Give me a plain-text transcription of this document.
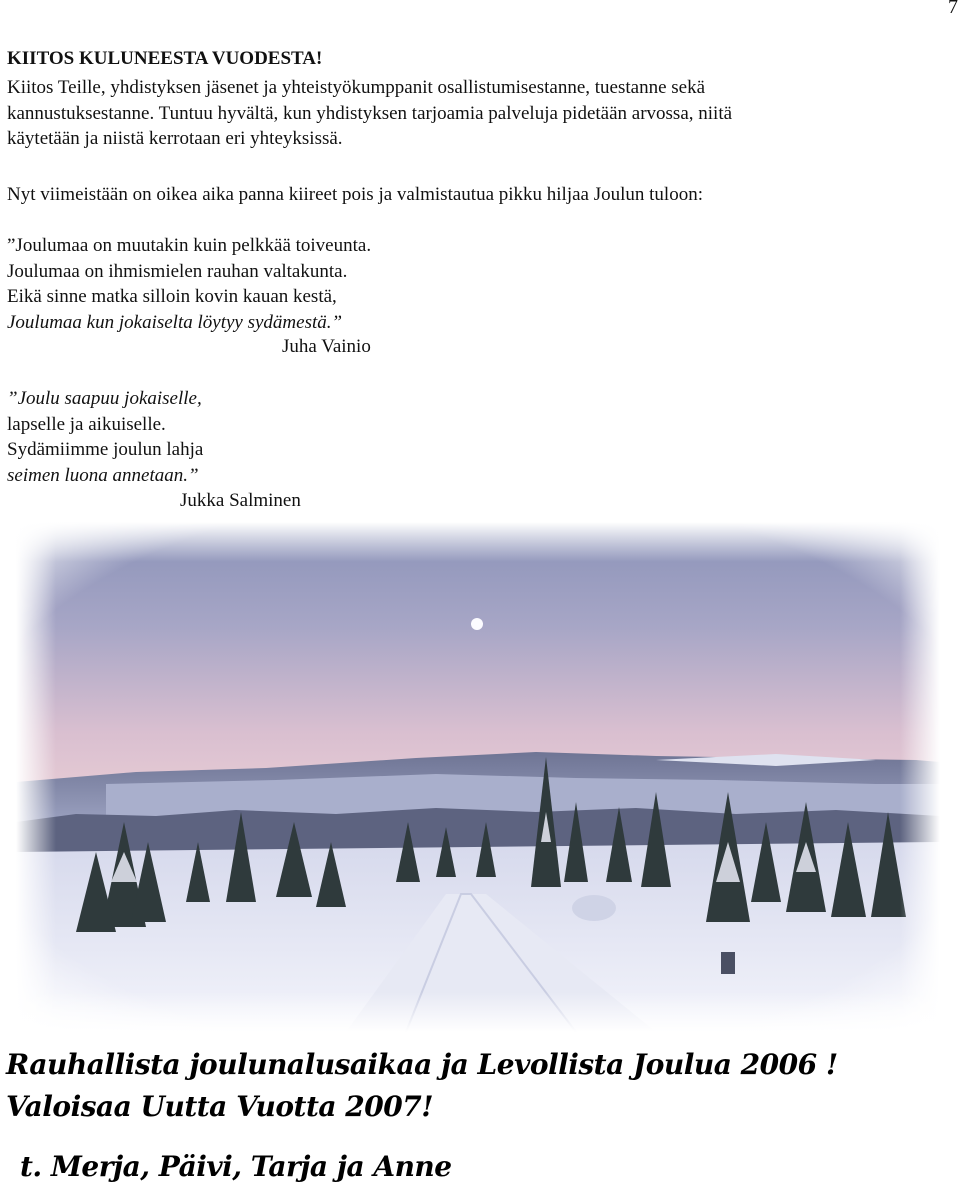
7
KIITOS KULUNEESTA VUODESTA!
Kiitos Teille, yhdistyksen jäsenet ja yhteistyökumppanit osallistumisestanne, tuestanne sekä
kannustuksestanne. Tuntuu hyvältä, kun yhdistyksen tarjoamia palveluja pidetään arvossa, niitä
käytetään ja niistä kerrotaan eri yhteyksissä.
Nyt viimeistään on oikea aika panna kiireet pois ja valmistautua pikku hiljaa Joulun tuloon:
”Joulumaa on muutakin kuin pelkkää toiveunta.
Joulumaa on ihmismielen rauhan valtakunta.
Eikä sinne matka silloin kovin kauan kestä,
Joulumaa kun jokaiselta löytyy sydämestä.”
Juha Vainio
”Joulu saapuu jokaiselle,
lapselle ja aikuiselle.
Sydämiimme joulun lahja
seimen luona annetaan.”
Jukka Salminen
Rauhallista joulunalusaikaa ja Levollista Joulua 2006 !
Valoisaa Uutta Vuotta 2007!
t. Merja, Päivi, Tarja ja Anne
